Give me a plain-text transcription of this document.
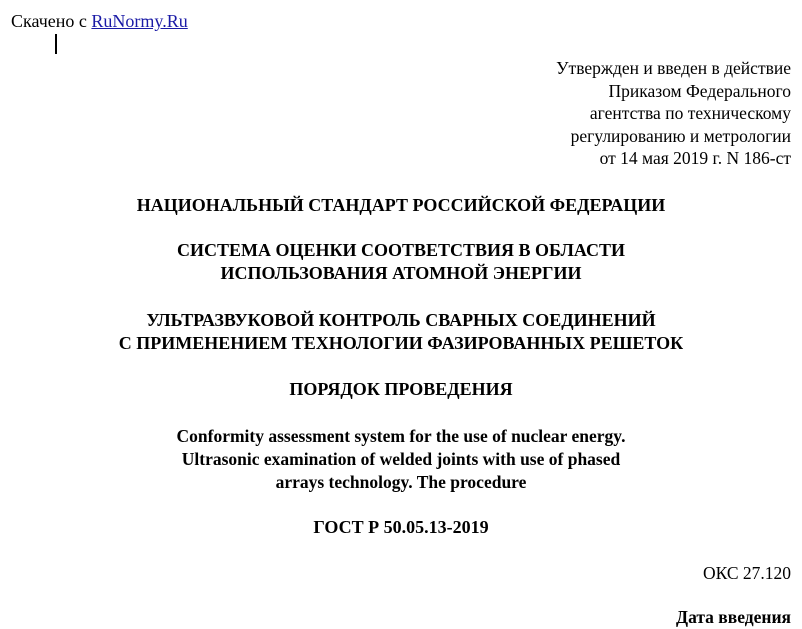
Скачено с RuNormy.Ru
Утвержден и введен в действие
Приказом Федерального
агентства по техническому
регулированию и метрологии
от 14 мая 2019 г. N 186-ст
НАЦИОНАЛЬНЫЙ СТАНДАРТ РОССИЙСКОЙ ФЕДЕРАЦИИ
СИСТЕМА ОЦЕНКИ СООТВЕТСТВИЯ В ОБЛАСТИ
ИСПОЛЬЗОВАНИЯ АТОМНОЙ ЭНЕРГИИ
УЛЬТРАЗВУКОВОЙ КОНТРОЛЬ СВАРНЫХ СОЕДИНЕНИЙ
С ПРИМЕНЕНИЕМ ТЕХНОЛОГИИ ФАЗИРОВАННЫХ РЕШЕТОК
ПОРЯДОК ПРОВЕДЕНИЯ
Conformity assessment system for the use of nuclear energy.
Ultrasonic examination of welded joints with use of phased
arrays technology. The procedure
ГОСТ Р 50.05.13-2019
ОКС 27.120
Дата введения
